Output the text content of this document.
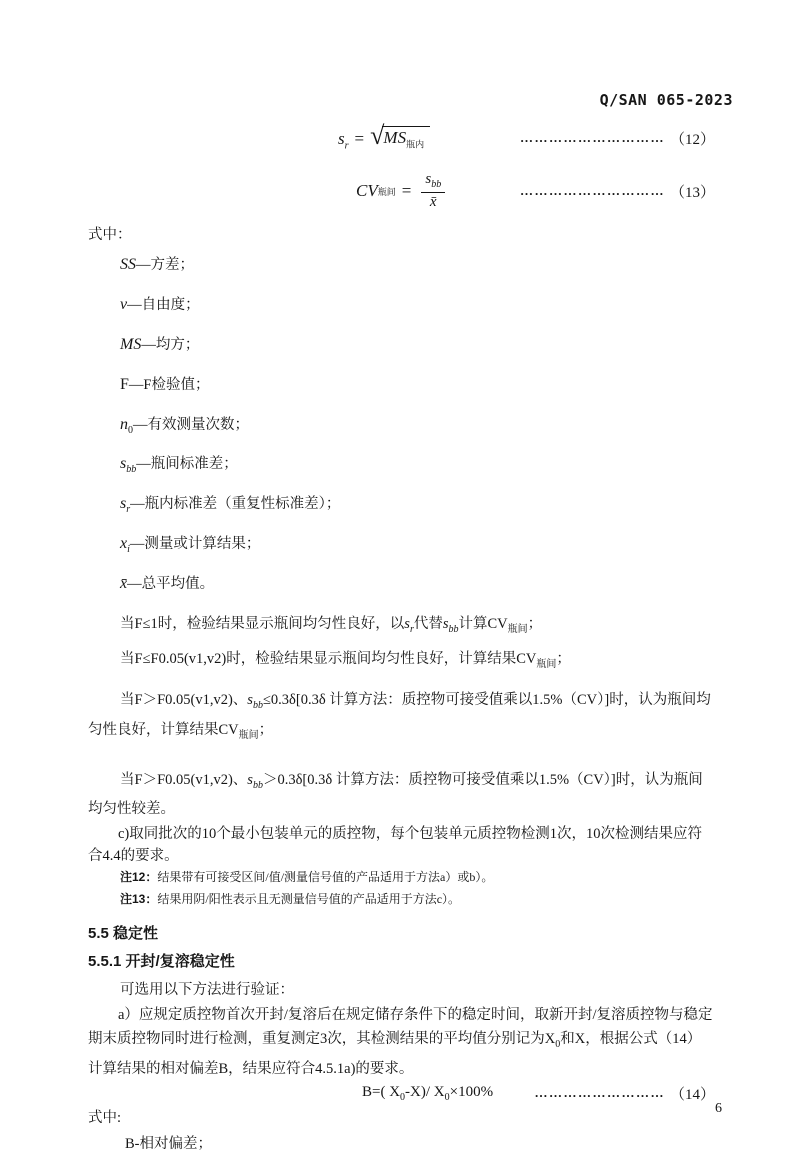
Q/SAN 065-2023
$s_r$ = √ $MS_{瓶内}$	………………………… （12）
CV 瓶间 = $\frac{s_{bb}}{x̄}$	………………………… （13）
式中：
SS—方差；
v—自由度；
MS—均方；
F—F检验值；
$n_0—$有效测量次数；
$s_{bb}—$瓶间标准差；
$s_r—$瓶内标准差（重复性标准差）；
$x_i—$测量或计算结果；
x̄—总平均值。
当F≤1时，检验结果显示瓶间均匀性良好，以$s_r$代替$s_{bb}$计算$CV_{瓶间}$；
当F≤F0.05(v1,v2)时，检验结果显示瓶间均匀性良好，计算结果$CV_{瓶间}$；
当F＞F0.05(v1,v2)、$s_{bb}\le 0.3\delta[0.3\delta$ 计算方法：质控物可接受值乘以1.5%（CV）]时，认为瓶间均匀性良好，计算结果$CV_{瓶间}$；
当F＞F0.05(v1,v2)、$s_{bb}>0.3\delta[0.3\delta$ 计算方法：质控物可接受值乘以1.5%（CV）]时，认为瓶间均匀性较差。
c)取同批次的10个最小包装单元的质控物，每个包装单元质控物检测1次，10次检测结果应符合4.4的要求。
注12：结果带有可接受区间/值/测量信号值的产品适用于方法a）或b）。
注13：结果用阴/阳性表示且无测量信号值的产品适用于方法c）。
5.5 稳定性
5.5.1 开封/复溶稳定性
可选用以下方法进行验证：
a）应规定质控物首次开封/复溶后在规定储存条件下的稳定时间，取新开封/复溶质控物与稳定期末质控物同时进行检测，重复测定3次，其检测结果的平均值分别记为$X_0$和X，根据公式（14）计算结果的相对偏差B，结果应符合4.5.1a)的要求。
B=( $X_0-X)/$ $X_0\times 100\%$	……………………… （14）
式中:
B-相对偏差；
6
